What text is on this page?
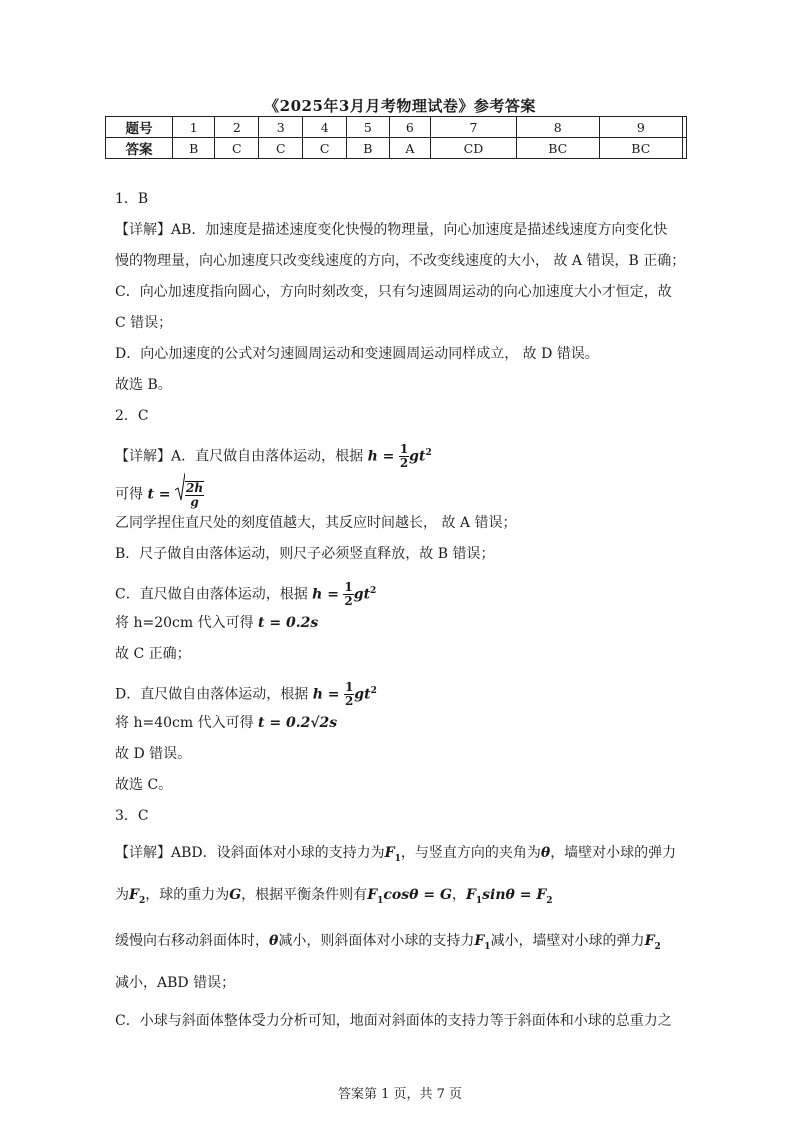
《2025年3月月考物理试卷》参考答案
题号	1	2	3	4	5	6	7	8	9	
答案	B	C	C	C	B	A	CD	BC	BC	
1．B
【详解】AB．加速度是描述速度变化快慢的物理量，向心加速度是描述线速度方向变化快
慢的物理量，向心加速度只改变线速度的方向，不改变线速度的大小， 故 A 错误，B 正确；
C．向心加速度指向圆心，方向时刻改变，只有匀速圆周运动的向心加速度大小才恒定，故
C 错误；
D．向心加速度的公式对匀速圆周运动和变速圆周运动同样成立， 故 D 错误。
故选 B。
2．C
【详解】A．直尺做自由落体运动，根据 $h = \frac{1}{2} gt^2$
可得 $t = \frac{2h}{g}$
乙同学捏住直尺处的刻度值越大，其反应时间越长， 故 A 错误；
B．尺子做自由落体运动，则尺子必须竖直释放，故 B 错误；
C．直尺做自由落体运动，根据 $h = \frac{1}{2} gt^2$
将 h=20cm 代入可得 t = 0.2s
故 C 正确；
D．直尺做自由落体运动，根据 $h = \frac{1}{2} gt^2$
将 h=40cm 代入可得 t = 0.2√2s
故 D 错误。
故选 C。
3．C
【详解】ABD．设斜面体对小球的支持力为$F_1$，与竖直方向的夹角为θ，墙壁对小球的弹力
为$F_2$，球的重力为G，根据平衡条件则有$F_1\cos\theta = G$，$F_1\sin\theta = F_2$
缓慢向右移动斜面体时，θ减小，则斜面体对小球的支持力$F_1$减小，墙壁对小球的弹力$F_2$
减小，ABD 错误；
C．小球与斜面体整体受力分析可知，地面对斜面体的支持力等于斜面体和小球的总重力之
答案第 1 页，共 7 页
